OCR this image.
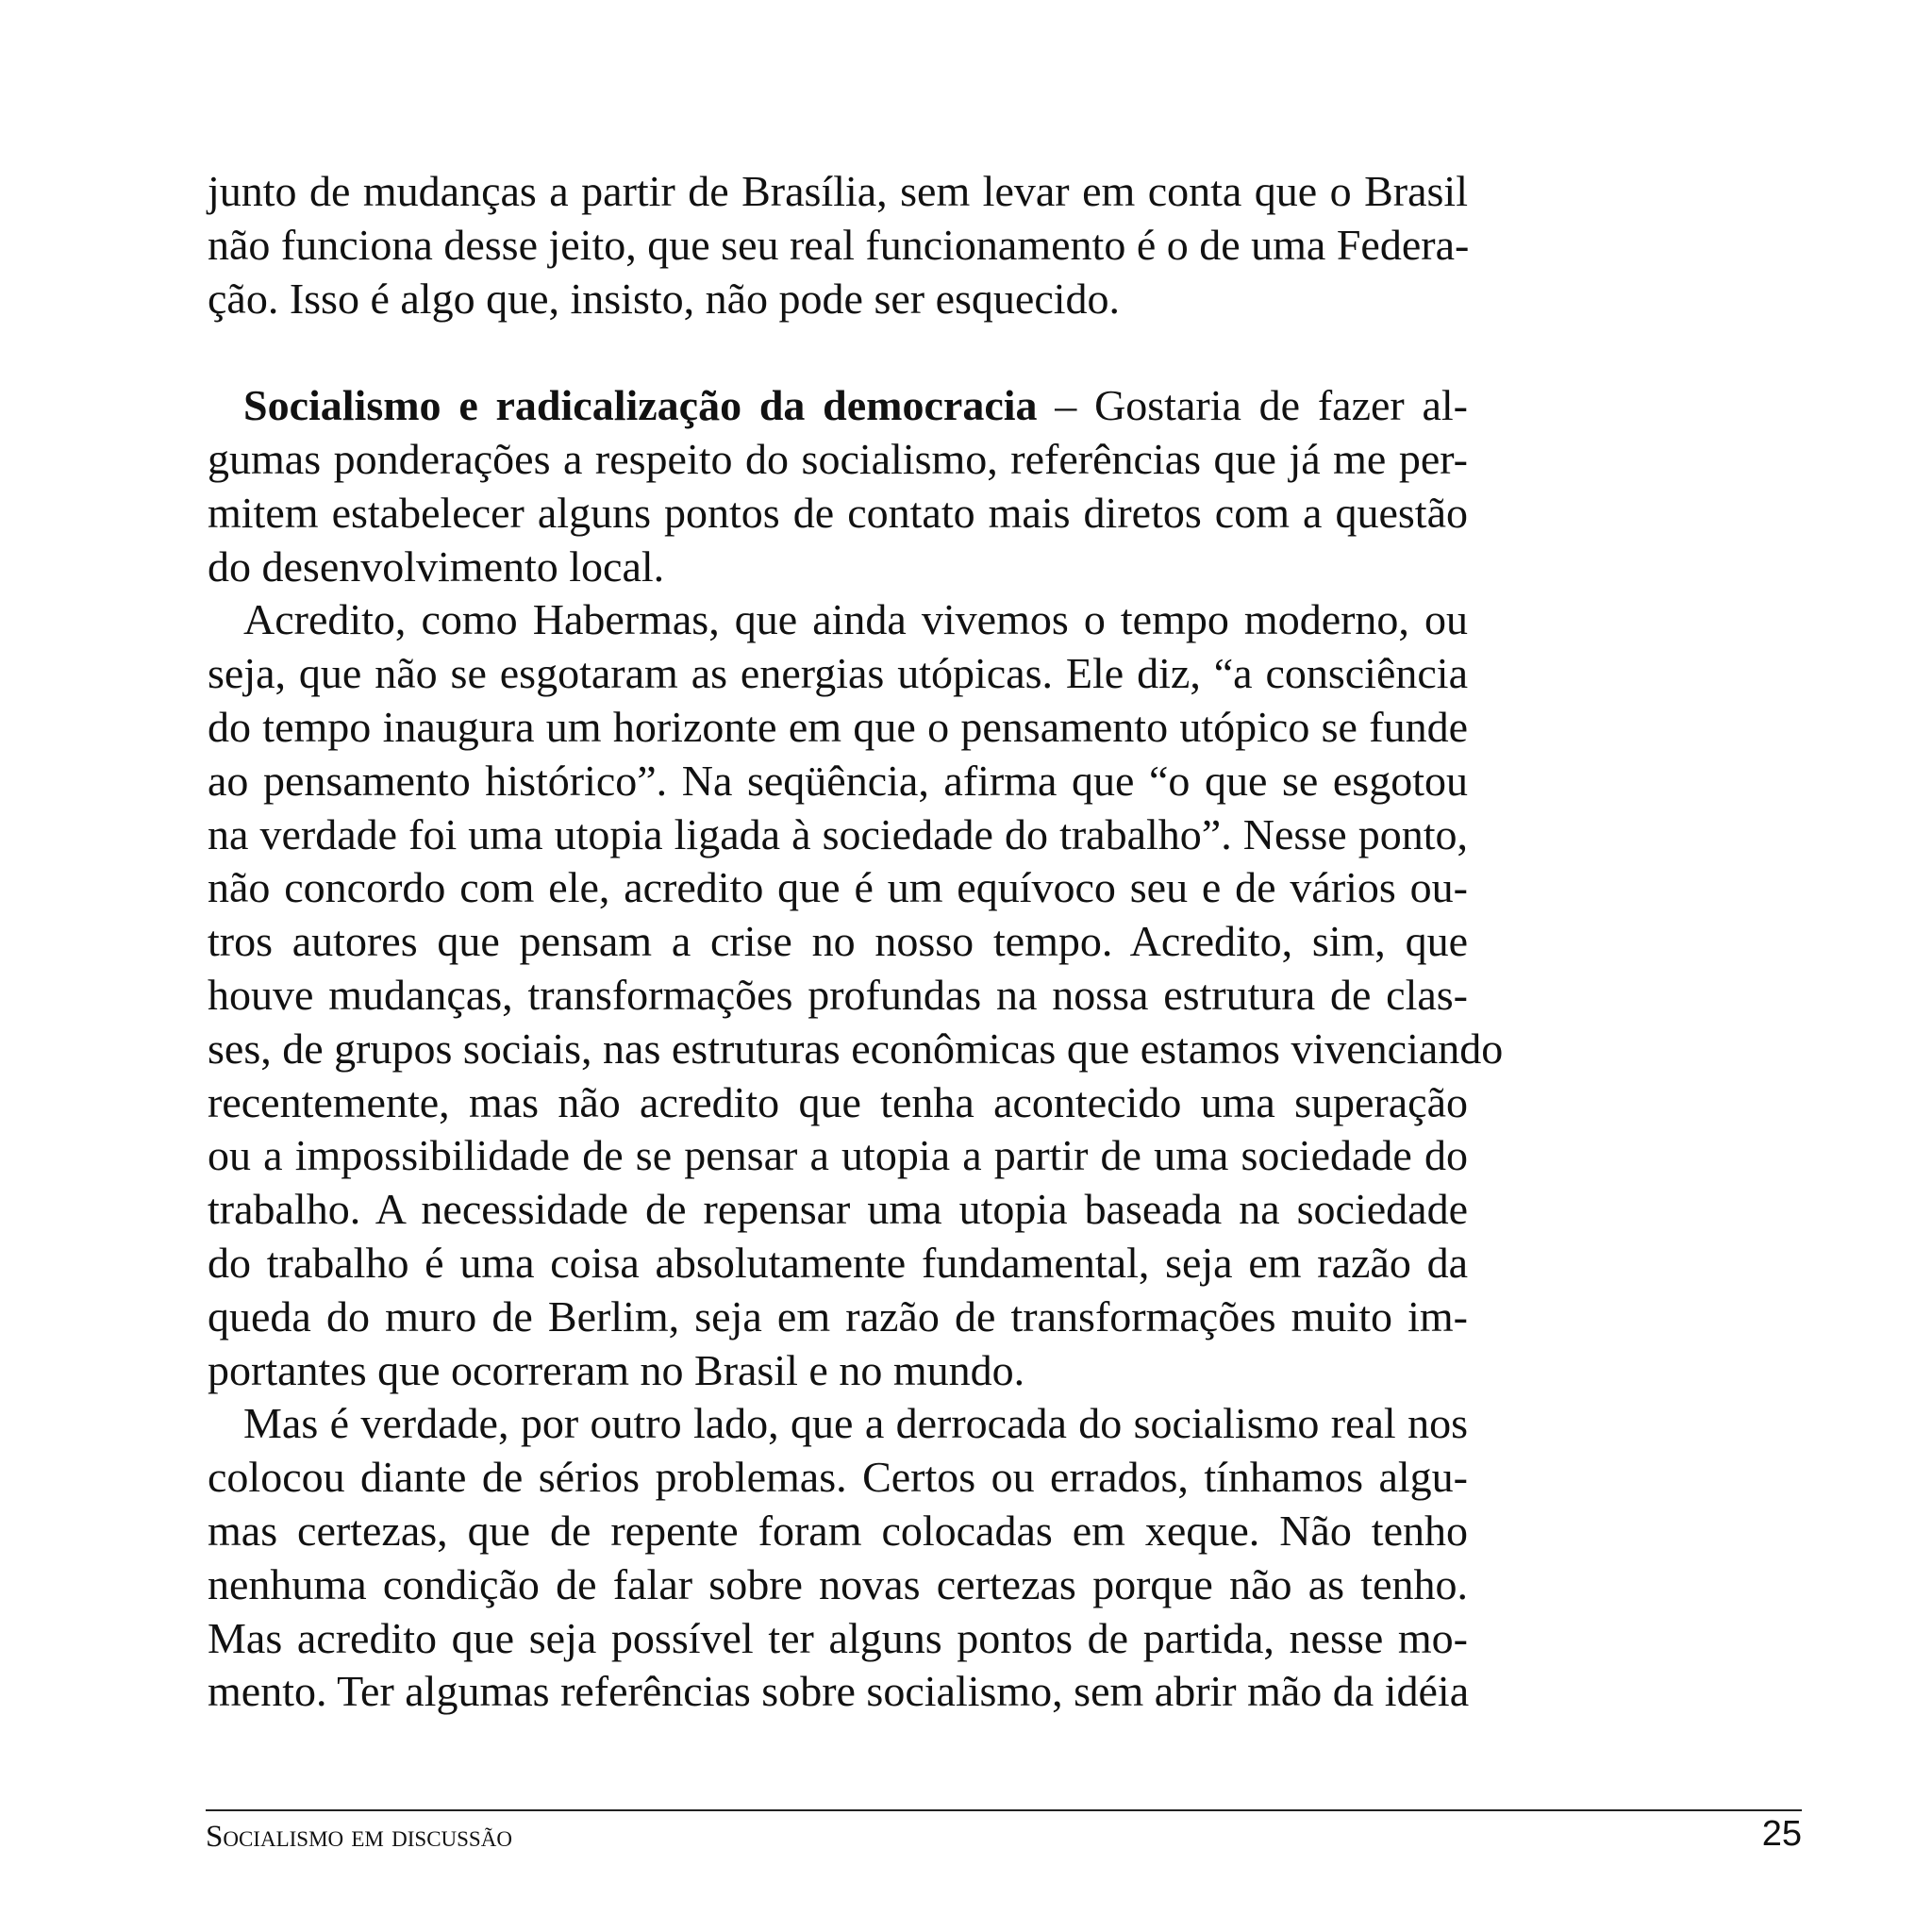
junto de mudanças a partir de Brasília, sem levar em conta que o Brasil
não funciona desse jeito, que seu real funcionamento é o de uma Federa-
ção. Isso é algo que, insisto, não pode ser esquecido.
Socialismo e radicalização da democracia – Gostaria de fazer al-
gumas ponderações a respeito do socialismo, referências que já me per-
mitem estabelecer alguns pontos de contato mais diretos com a questão
do desenvolvimento local.
Acredito, como Habermas, que ainda vivemos o tempo moderno, ou
seja, que não se esgotaram as energias utópicas. Ele diz, “a consciência
do tempo inaugura um horizonte em que o pensamento utópico se funde
ao pensamento histórico”. Na seqüência, afirma que “o que se esgotou
na verdade foi uma utopia ligada à sociedade do trabalho”. Nesse ponto,
não concordo com ele, acredito que é um equívoco seu e de vários ou-
tros autores que pensam a crise no nosso tempo. Acredito, sim, que
houve mudanças, transformações profundas na nossa estrutura de clas-
ses, de grupos sociais, nas estruturas econômicas que estamos vivenciando
recentemente, mas não acredito que tenha acontecido uma superação
ou a impossibilidade de se pensar a utopia a partir de uma sociedade do
trabalho. A necessidade de repensar uma utopia baseada na sociedade
do trabalho é uma coisa absolutamente fundamental, seja em razão da
queda do muro de Berlim, seja em razão de transformações muito im-
portantes que ocorreram no Brasil e no mundo.
Mas é verdade, por outro lado, que a derrocada do socialismo real nos
colocou diante de sérios problemas. Certos ou errados, tínhamos algu-
mas certezas, que de repente foram colocadas em xeque. Não tenho
nenhuma condição de falar sobre novas certezas porque não as tenho.
Mas acredito que seja possível ter alguns pontos de partida, nesse mo-
mento. Ter algumas referências sobre socialismo, sem abrir mão da idéia
Socialismo em discussão	25
